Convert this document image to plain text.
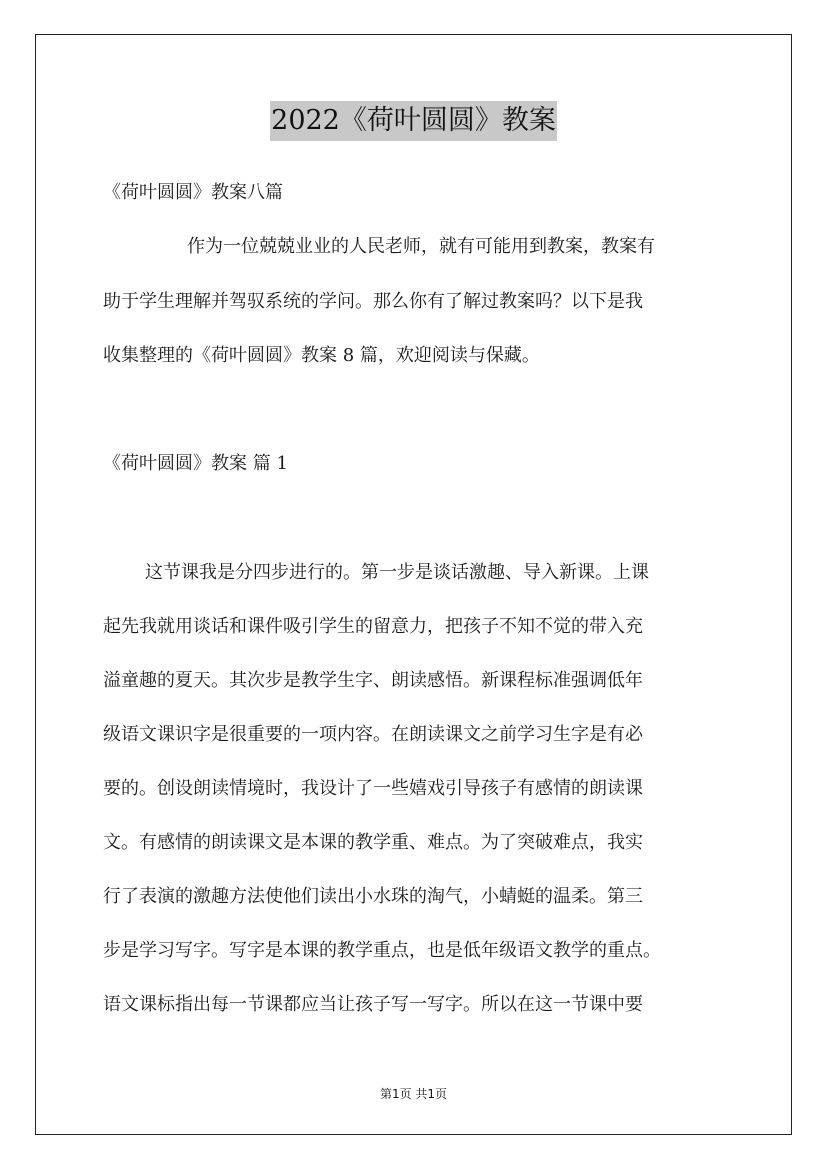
2022《荷叶圆圆》教案
《荷叶圆圆》教案八篇
作为一位兢兢业业的人民老师，就有可能用到教案，教案有
助于学生理解并驾驭系统的学问。那么你有了解过教案吗？以下是我
收集整理的《荷叶圆圆》教案 8 篇，欢迎阅读与保藏。
《荷叶圆圆》教案 篇 1
这节课我是分四步进行的。第一步是谈话激趣、导入新课。上课
起先我就用谈话和课件吸引学生的留意力，把孩子不知不觉的带入充
溢童趣的夏天。其次步是教学生字、朗读感悟。新课程标准强调低年
级语文课识字是很重要的一项内容。在朗读课文之前学习生字是有必
要的。创设朗读情境时，我设计了一些嬉戏引导孩子有感情的朗读课
文。有感情的朗读课文是本课的教学重、难点。为了突破难点，我实
行了表演的激趣方法使他们读出小水珠的淘气，小蜻蜓的温柔。第三
步是学习写字。写字是本课的教学重点，也是低年级语文教学的重点。
语文课标指出每一节课都应当让孩子写一写字。所以在这一节课中要
第1页 共1页
